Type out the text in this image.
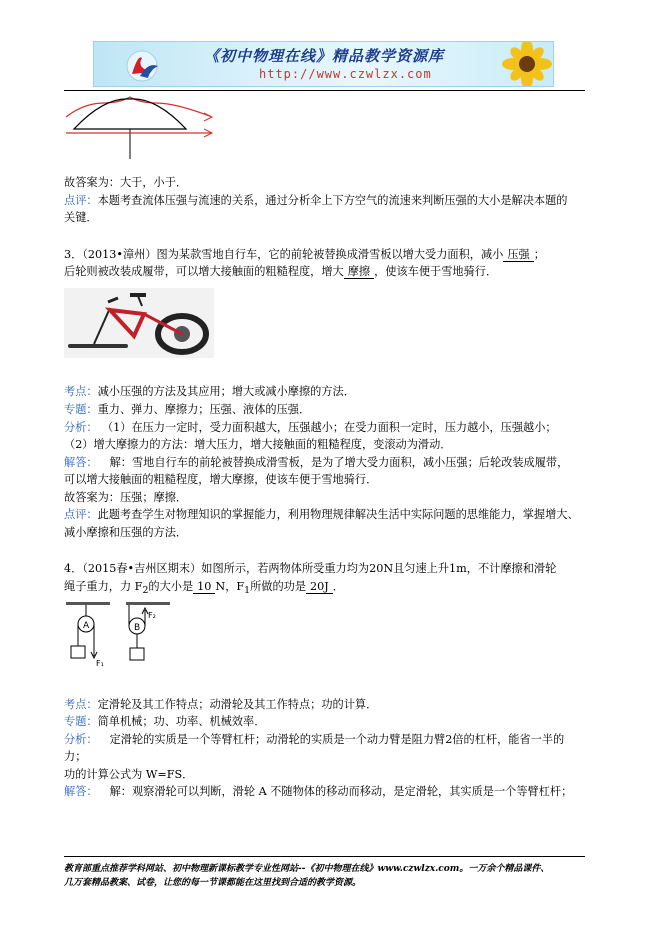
《初中物理在线》精品教学资源库
http://www.czwlzx.com
故答案为：大于，小于．
点评：本题考查流体压强与流速的关系，通过分析伞上下方空气的流速来判断压强的大小是解决本题的
关键．
3．（2013•漳州）图为某款雪地自行车，它的前轮被替换成滑雪板以增大受力面积，减小 压强 ；
后轮则被改装成履带，可以增大接触面的粗糙程度，增大 摩擦 ，使该车便于雪地骑行．
考点：减小压强的方法及其应用；增大或减小摩擦的方法．
专题：重力、弹力、摩擦力；压强、液体的压强．
分析： （1）在压力一定时，受力面积越大，压强越小；在受力面积一定时，压力越小，压强越小；
（2）增大摩擦力的方法：增大压力，增大接触面的粗糙程度，变滚动为滑动．
解答： 解：雪地自行车的前轮被替换成滑雪板，是为了增大受力面积，减小压强；后轮改装成履带，
可以增大接触面的粗糙程度，增大摩擦，使该车便于雪地骑行．
故答案为：压强；摩擦．
点评：此题考查学生对物理知识的掌握能力，利用物理规律解决生活中实际问题的思维能力，掌握增大、
减小摩擦和压强的方法．
4．（2015春•吉州区期末）如图所示，若两物体所受重力均为20N且匀速上升1m，不计摩擦和滑轮
绳子重力，力 $F_2$的大小是 10 N，$F_1$所做的功是 20J ．
A
F₁
B
F₂
考点：定滑轮及其工作特点；动滑轮及其工作特点；功的计算．
专题：简单机械；功、功率、机械效率．
分析： 定滑轮的实质是一个等臂杠杆；动滑轮的实质是一个动力臂是阻力臂2倍的杠杆，能省一半的
力；
功的计算公式为 W=FS．
解答： 解：观察滑轮可以判断，滑轮 A 不随物体的移动而移动，是定滑轮，其实质是一个等臂杠杆；
教育部重点推荐学科网站、初中物理新课标教学专业性网站--《初中物理在线》www.czwlzx.com。一万余个精品课件、
几万套精品教案、试卷，让您的每一节课都能在这里找到合适的教学资源。
